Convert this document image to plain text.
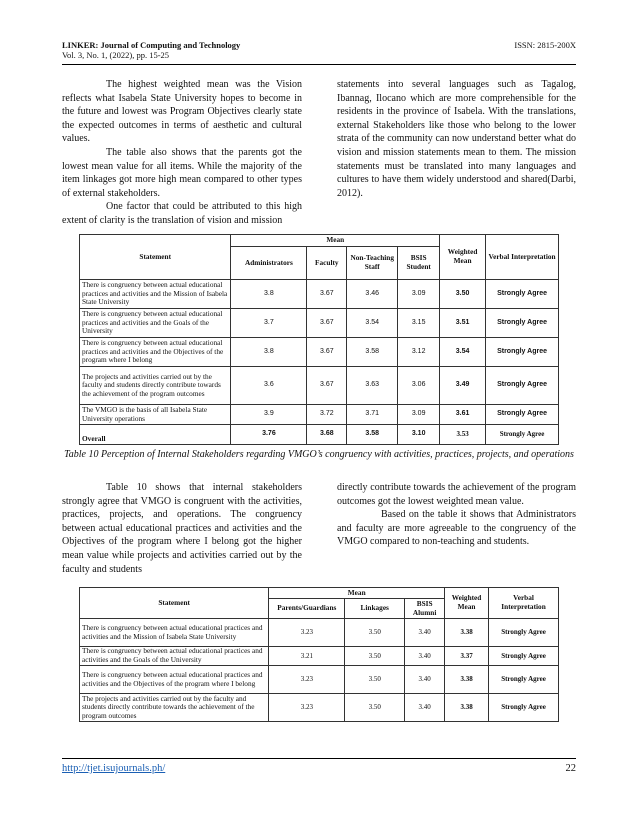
LINKER: Journal of Computing and Technology
Vol. 3, No. 1, (2022), pp. 15-25
ISSN: 2815-200X

The highest weighted mean was the Vision reflects what Isabela State University hopes to become in the future and lowest was Program Objectives clearly state the expected outcomes in terms of aesthetic and cultural values.

The table also shows that the parents got the lowest mean value for all items. While the majority of the item linkages got more high mean compared to other types of external stakeholders.

One factor that could be attributed to this high extent of clarity is the translation of vision and mission

statements into several languages such as Tagalog, Ibannag, Ilocano which are more comprehensible for the residents in the province of Isabela. With the translations, external Stakeholders like those who belong to the lower strata of the community can now understand better what do vision and mission statements mean to them. The mission statements must be translated into many languages and cultures to have them widely understood and shared(Darbi, 2012).

Statement	Mean				Weighted Mean	Verbal Interpretation
	Administrators	Faculty	Non-Teaching Staff	BSIS Student		
There is congruency between actual educational practices and activities and the Mission of Isabela State University	3.8	3.67	3.46	3.09	3.50	Strongly Agree
There is congruency between actual educational practices and activities and the Goals of the University	3.7	3.67	3.54	3.15	3.51	Strongly Agree
There is congruency between actual educational practices and activities and the Objectives of the program where I belong	3.8	3.67	3.58	3.12	3.54	Strongly Agree
The projects and activities carried out by the faculty and students directly contribute towards the achievement of the program outcomes	3.6	3.67	3.63	3.06	3.49	Strongly Agree
The VMGO is the basis of all Isabela State University operations	3.9	3.72	3.71	3.09	3.61	Strongly Agree
Overall	3.76	3.68	3.58	3.10	3.53	Strongly Agree
Table 10 Perception of Internal Stakeholders regarding VMGO’s congruency with activities, practices, projects, and operations

Table 10 shows that internal stakeholders strongly agree that VMGO is congruent with the activities, practices, projects, and operations. The congruency between actual educational practices and activities and the Objectives of the program where I belong got the higher mean value while projects and activities carried out by the faculty and students

directly contribute towards the achievement of the program outcomes got the lowest weighted mean value.

Based on the table it shows that Administrators and faculty are more agreeable to the congruency of the VMGO compared to non-teaching and students.

Statement	Mean			Weighted Mean	Verbal Interpretation
	Parents/Guardians	Linkages	BSIS Alumni		
There is congruency between actual educational practices and activities and the Mission of Isabela State University	3.23	3.50	3.40	3.38	Strongly Agree
There is congruency between actual educational practices and activities and the Goals of the University	3.21	3.50	3.40	3.37	Strongly Agree
There is congruency between actual educational practices and activities and the Objectives of the program where I belong	3.23	3.50	3.40	3.38	Strongly Agree
The projects and activities carried out by the faculty and students directly contribute towards the achievement of the program outcomes	3.23	3.50	3.40	3.38	Strongly Agree
http://tjet.isujournals.ph/	22
